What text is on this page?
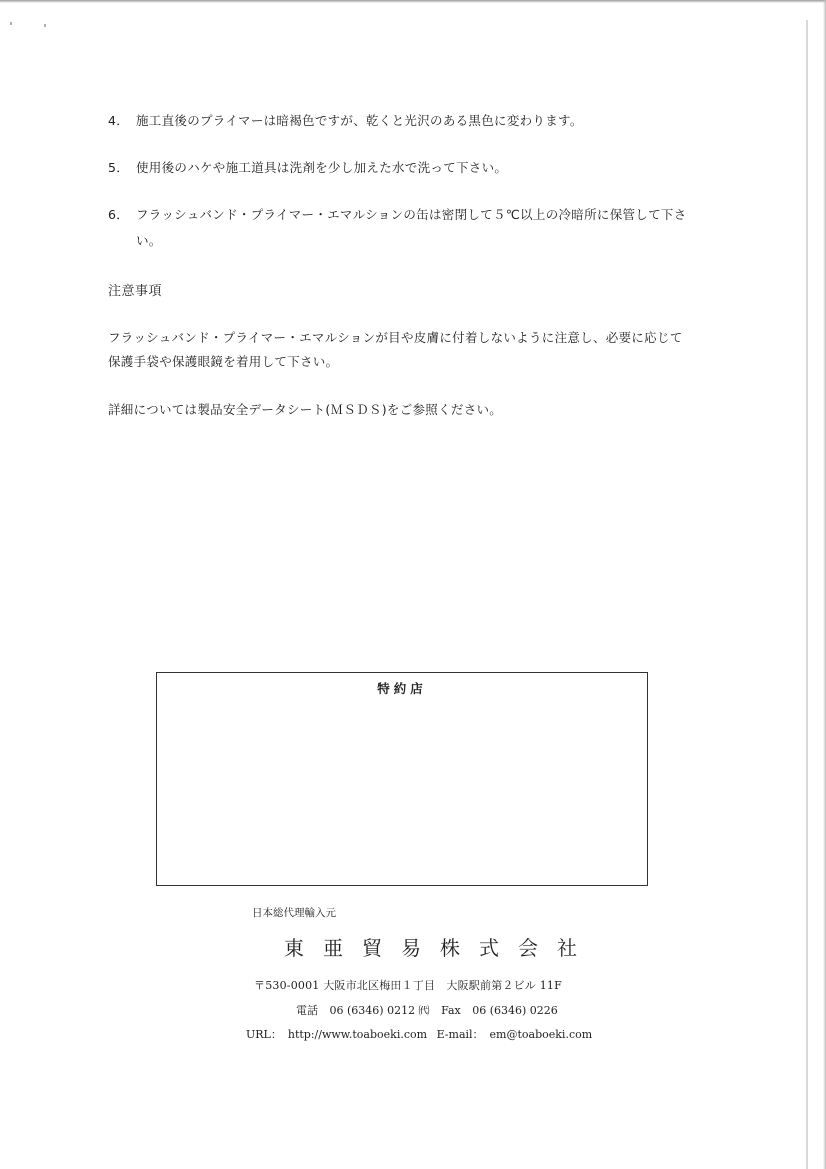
4． 施工直後のプライマーは暗褐色ですが、乾くと光沢のある黒色に変わります。
5． 使用後のハケや施工道具は洗剤を少し加えた水で洗って下さい。
6． フラッシュバンド・プライマー・エマルションの缶は密閉して５℃以上の冷暗所に保管して下さ
い。
注意事項
フラッシュバンド・プライマー・エマルションが目や皮膚に付着しないように注意し、必要に応じて
保護手袋や保護眼鏡を着用して下さい。
詳細については製品安全データシート(ＭＳＤＳ)をご参照ください。
特約店
日本総代理輸入元
東亜貿易株式会社
〒530-0001 大阪市北区梅田１丁目　大阪駅前第２ビル 11F
電話 06 (6346) 0212 ㈹ Fax 06 (6346) 0226
URL： http://www.toaboeki.com E-mail： em@toaboeki.com
